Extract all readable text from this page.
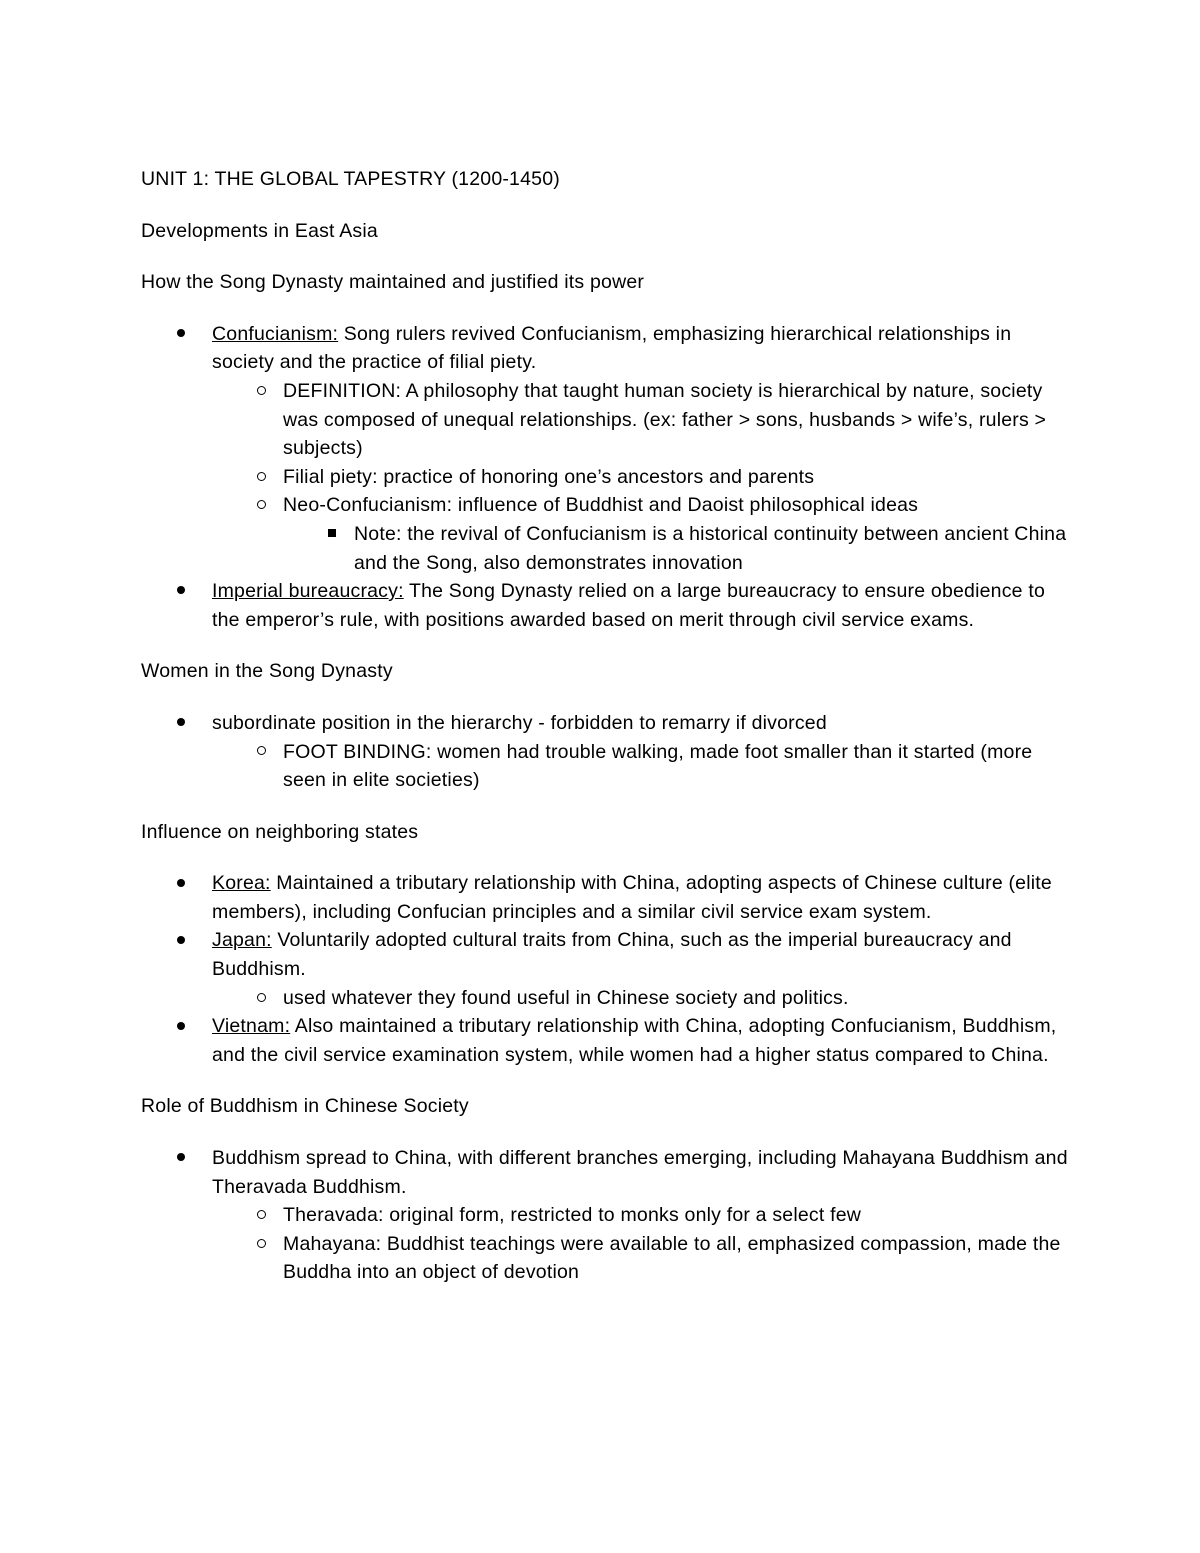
UNIT 1: THE GLOBAL TAPESTRY (1200-1450)

Developments in East Asia

How the Song Dynasty maintained and justified its power

Confucianism: Song rulers revived Confucianism, emphasizing hierarchical relationships in society and the practice of filial piety.
DEFINITION: A philosophy that taught human society is hierarchical by nature, society was composed of unequal relationships. (ex: father > sons, husbands > wife’s, rulers > subjects)
Filial piety: practice of honoring one’s ancestors and parents
Neo-Confucianism: influence of Buddhist and Daoist philosophical ideas
Note: the revival of Confucianism is a historical continuity between ancient China and the Song, also demonstrates innovation
Imperial bureaucracy: The Song Dynasty relied on a large bureaucracy to ensure obedience to the emperor’s rule, with positions awarded based on merit through civil service exams.

Women in the Song Dynasty

subordinate position in the hierarchy - forbidden to remarry if divorced
FOOT BINDING: women had trouble walking, made foot smaller than it started (more seen in elite societies)

Influence on neighboring states

Korea: Maintained a tributary relationship with China, adopting aspects of Chinese culture (elite members), including Confucian principles and a similar civil service exam system.
Japan: Voluntarily adopted cultural traits from China, such as the imperial bureaucracy and Buddhism.
used whatever they found useful in Chinese society and politics.
Vietnam: Also maintained a tributary relationship with China, adopting Confucianism, Buddhism, and the civil service examination system, while women had a higher status compared to China.

Role of Buddhism in Chinese Society

Buddhism spread to China, with different branches emerging, including Mahayana Buddhism and Theravada Buddhism.
Theravada: original form, restricted to monks only for a select few
Mahayana: Buddhist teachings were available to all, emphasized compassion, made the Buddha into an object of devotion
